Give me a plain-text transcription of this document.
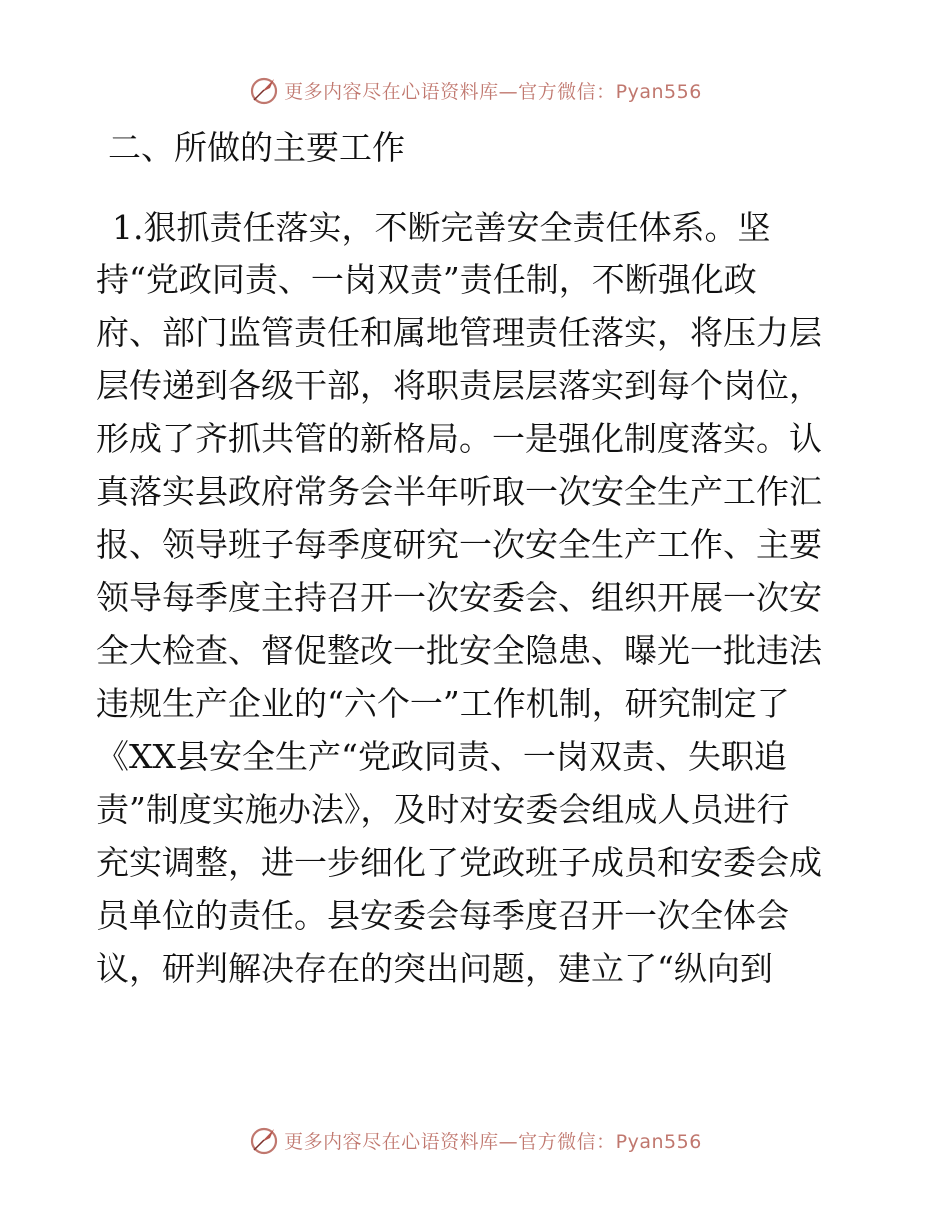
更多内容尽在心语资料库—官方微信：Pyan556
二、所做的主要工作
1.狠抓责任落实，不断完善安全责任体系。坚
持“党政同责、一岗双责”责任制，不断强化政
府、部门监管责任和属地管理责任落实，将压力层
层传递到各级干部，将职责层层落实到每个岗位，
形成了齐抓共管的新格局。一是强化制度落实。认
真落实县政府常务会半年听取一次安全生产工作汇
报、领导班子每季度研究一次安全生产工作、主要
领导每季度主持召开一次安委会、组织开展一次安
全大检查、督促整改一批安全隐患、曝光一批违法
违规生产企业的“六个一”工作机制，研究制定了
《XX县安全生产“党政同责、一岗双责、失职追
责”制度实施办法》，及时对安委会组成人员进行
充实调整，进一步细化了党政班子成员和安委会成
员单位的责任。县安委会每季度召开一次全体会
议，研判解决存在的突出问题，建立了“纵向到
更多内容尽在心语资料库—官方微信：Pyan556
